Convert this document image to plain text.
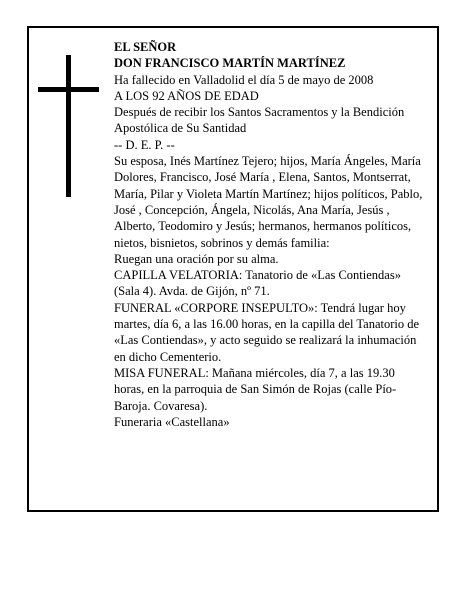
EL SEÑOR

DON FRANCISCO MARTÍN MARTÍNEZ

Ha fallecido en Valladolid el día 5 de mayo de 2008

A LOS 92 AÑOS DE EDAD

Después de recibir los Santos Sacramentos y la Bendición Apostólica de Su Santidad

-- D. E. P. --

Su esposa, Inés Martínez Tejero; hijos, María Ángeles, María Dolores, Francisco, José María , Elena, Santos, Montserrat, María, Pilar y Violeta Martín Martínez; hijos políticos, Pablo, José , Concepción, Ángela, Nicolás, Ana María, Jesús , Alberto, Teodomiro y Jesús; hermanos, hermanos políticos, nietos, bisnietos, sobrinos y demás familia:

Ruegan una oración por su alma.

CAPILLA VELATORIA: Tanatorio de «Las Contiendas» (Sala 4). Avda. de Gijón, nº 71.

FUNERAL «CORPORE INSEPULTO»: Tendrá lugar hoy martes, día 6, a las 16.00 horas, en la capilla del Tanatorio de «Las Contiendas», y acto seguido se realizará la inhumación en dicho Cementerio.

MISA FUNERAL: Mañana miércoles, día 7, a las 19.30 horas, en la parroquia de San Simón de Rojas (calle Pío-Baroja. Covaresa).

Funeraria «Castellana»
